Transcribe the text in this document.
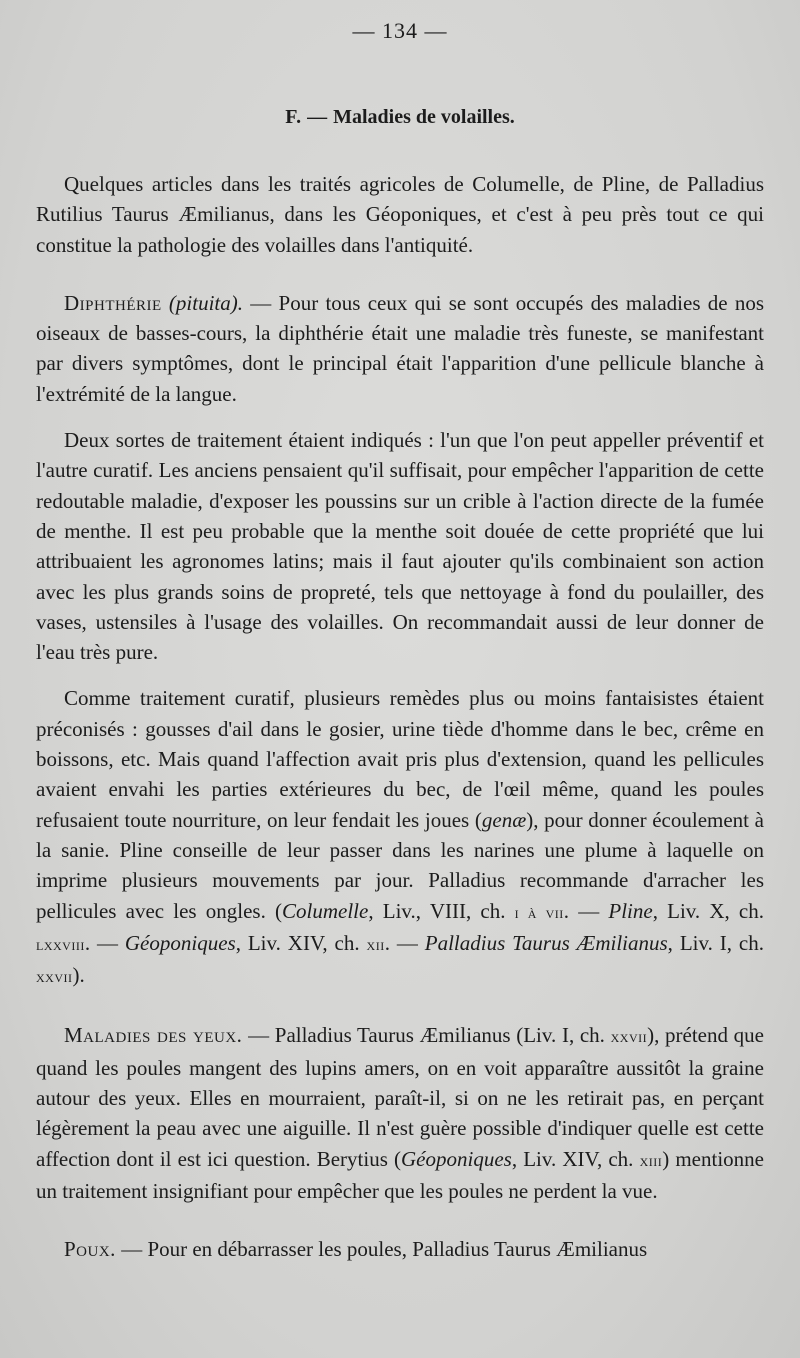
— 134 —
F. — Maladies de volailles.

Quelques articles dans les traités agricoles de Columelle, de Pline, de Palladius Rutilius Taurus Æmilianus, dans les Géoponiques, et c'est à peu près tout ce qui constitue la pathologie des volailles dans l'antiquité.

Diphthérie (pituita). — Pour tous ceux qui se sont occupés des maladies de nos oiseaux de basses-cours, la diphthérie était une maladie très funeste, se manifestant par divers symptômes, dont le principal était l'apparition d'une pellicule blanche à l'extrémité de la langue.

Deux sortes de traitement étaient indiqués : l'un que l'on peut appeller préventif et l'autre curatif. Les anciens pensaient qu'il suffisait, pour empêcher l'apparition de cette redoutable maladie, d'exposer les poussins sur un crible à l'action directe de la fumée de menthe. Il est peu probable que la menthe soit douée de cette propriété que lui attribuaient les agronomes latins; mais il faut ajouter qu'ils combinaient son action avec les plus grands soins de propreté, tels que nettoyage à fond du poulailler, des vases, ustensiles à l'usage des volailles. On recommandait aussi de leur donner de l'eau très pure.

Comme traitement curatif, plusieurs remèdes plus ou moins fantaisistes étaient préconisés : gousses d'ail dans le gosier, urine tiède d'homme dans le bec, crême en boissons, etc. Mais quand l'affection avait pris plus d'extension, quand les pellicules avaient envahi les parties extérieures du bec, de l'œil même, quand les poules refusaient toute nourriture, on leur fendait les joues (genæ), pour donner écoulement à la sanie. Pline conseille de leur passer dans les narines une plume à laquelle on imprime plusieurs mouvements par jour. Palladius recommande d'arracher les pellicules avec les ongles. (Columelle, Liv., VIII, ch. i à vii. — Pline, Liv. X, ch. lxxviii. — Géoponiques, Liv. XIV, ch. xii. — Palladius Taurus Æmilianus, Liv. I, ch. xxvii).

Maladies des yeux. — Palladius Taurus Æmilianus (Liv. I, ch. xxvii), prétend que quand les poules mangent des lupins amers, on en voit apparaître aussitôt la graine autour des yeux. Elles en mourraient, paraît-il, si on ne les retirait pas, en perçant légèrement la peau avec une aiguille. Il n'est guère possible d'indiquer quelle est cette affection dont il est ici question. Berytius (Géoponiques, Liv. XIV, ch. xiii) mentionne un traitement insignifiant pour empêcher que les poules ne perdent la vue.

Poux. — Pour en débarrasser les poules, Palladius Taurus Æmilianus
